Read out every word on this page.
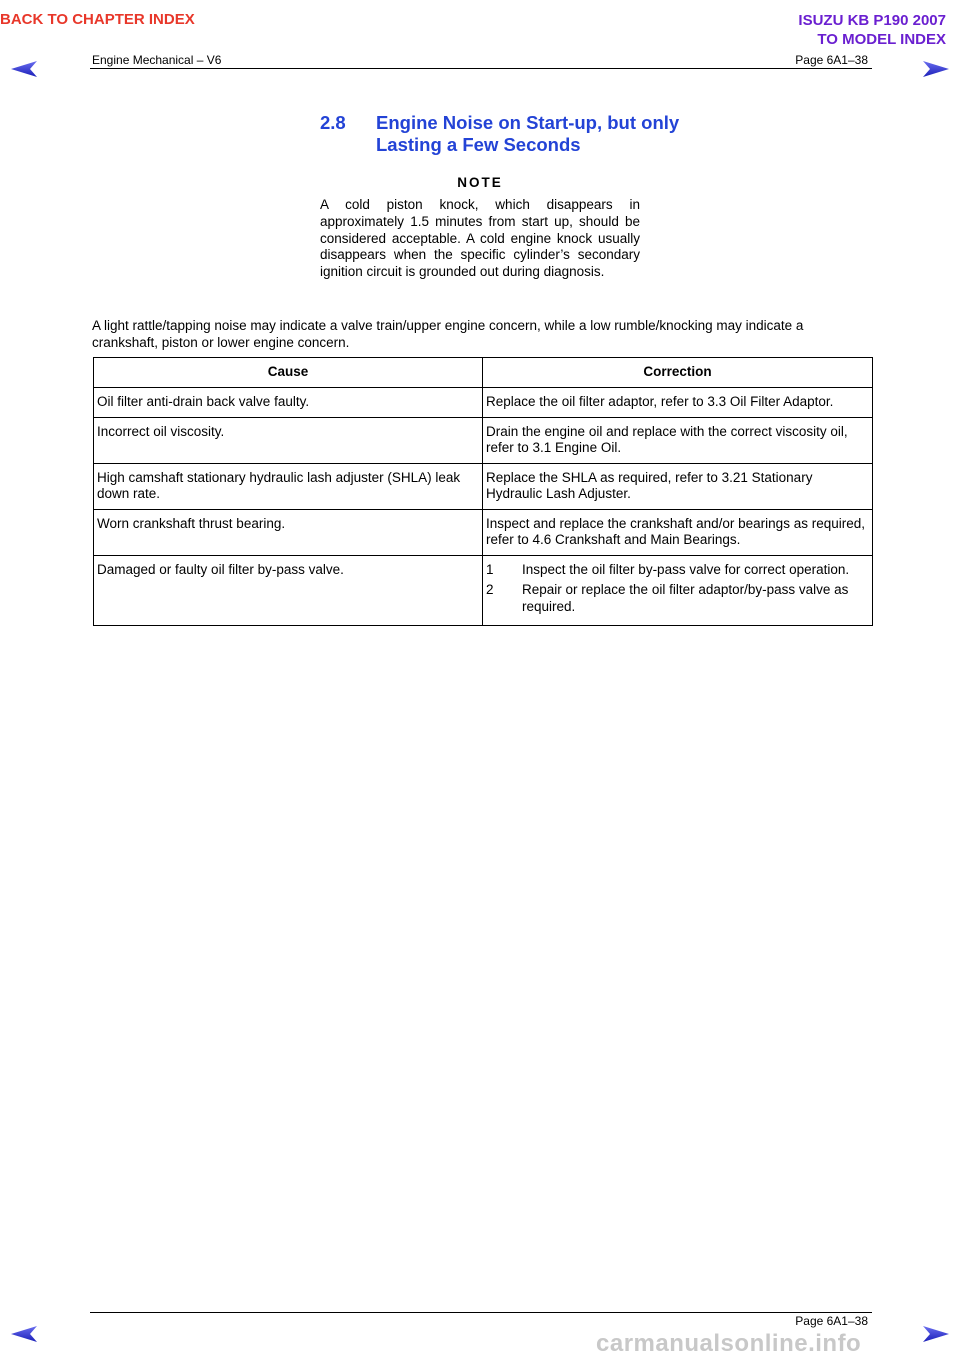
BACK TO CHAPTER INDEX	ISUZU KB P190 2007
TO MODEL INDEX
Engine Mechanical – V6	Page 6A1–38
2.8 Engine Noise on Start-up, but only
Lasting a Few Seconds
NOTE
A cold piston knock, which disappears in approximately 1.5 minutes from start up, should be considered acceptable. A cold engine knock usually disappears when the specific cylinder’s secondary ignition circuit is grounded out during diagnosis.
A light rattle/tapping noise may indicate a valve train/upper engine concern, while a low rumble/knocking may indicate a crankshaft, piston or lower engine concern.
Cause	Correction
Oil filter anti-drain back valve faulty.	Replace the oil filter adaptor, refer to 3.3 Oil Filter Adaptor.
Incorrect oil viscosity.	Drain the engine oil and replace with the correct viscosity oil, refer to 3.1 Engine Oil.
High camshaft stationary hydraulic lash adjuster (SHLA) leak down rate.	Replace the SHLA as required, refer to 3.21 Stationary Hydraulic Lash Adjuster.
Worn crankshaft thrust bearing.	Inspect and replace the crankshaft and/or bearings as required, refer to 4.6 Crankshaft and Main Bearings.
Damaged or faulty oil filter by-pass valve.	1 Inspect the oil filter by-pass valve for correct operation.
2 Repair or replace the oil filter adaptor/by-pass valve as required.
Page 6A1–38
carmanualsonline.info
